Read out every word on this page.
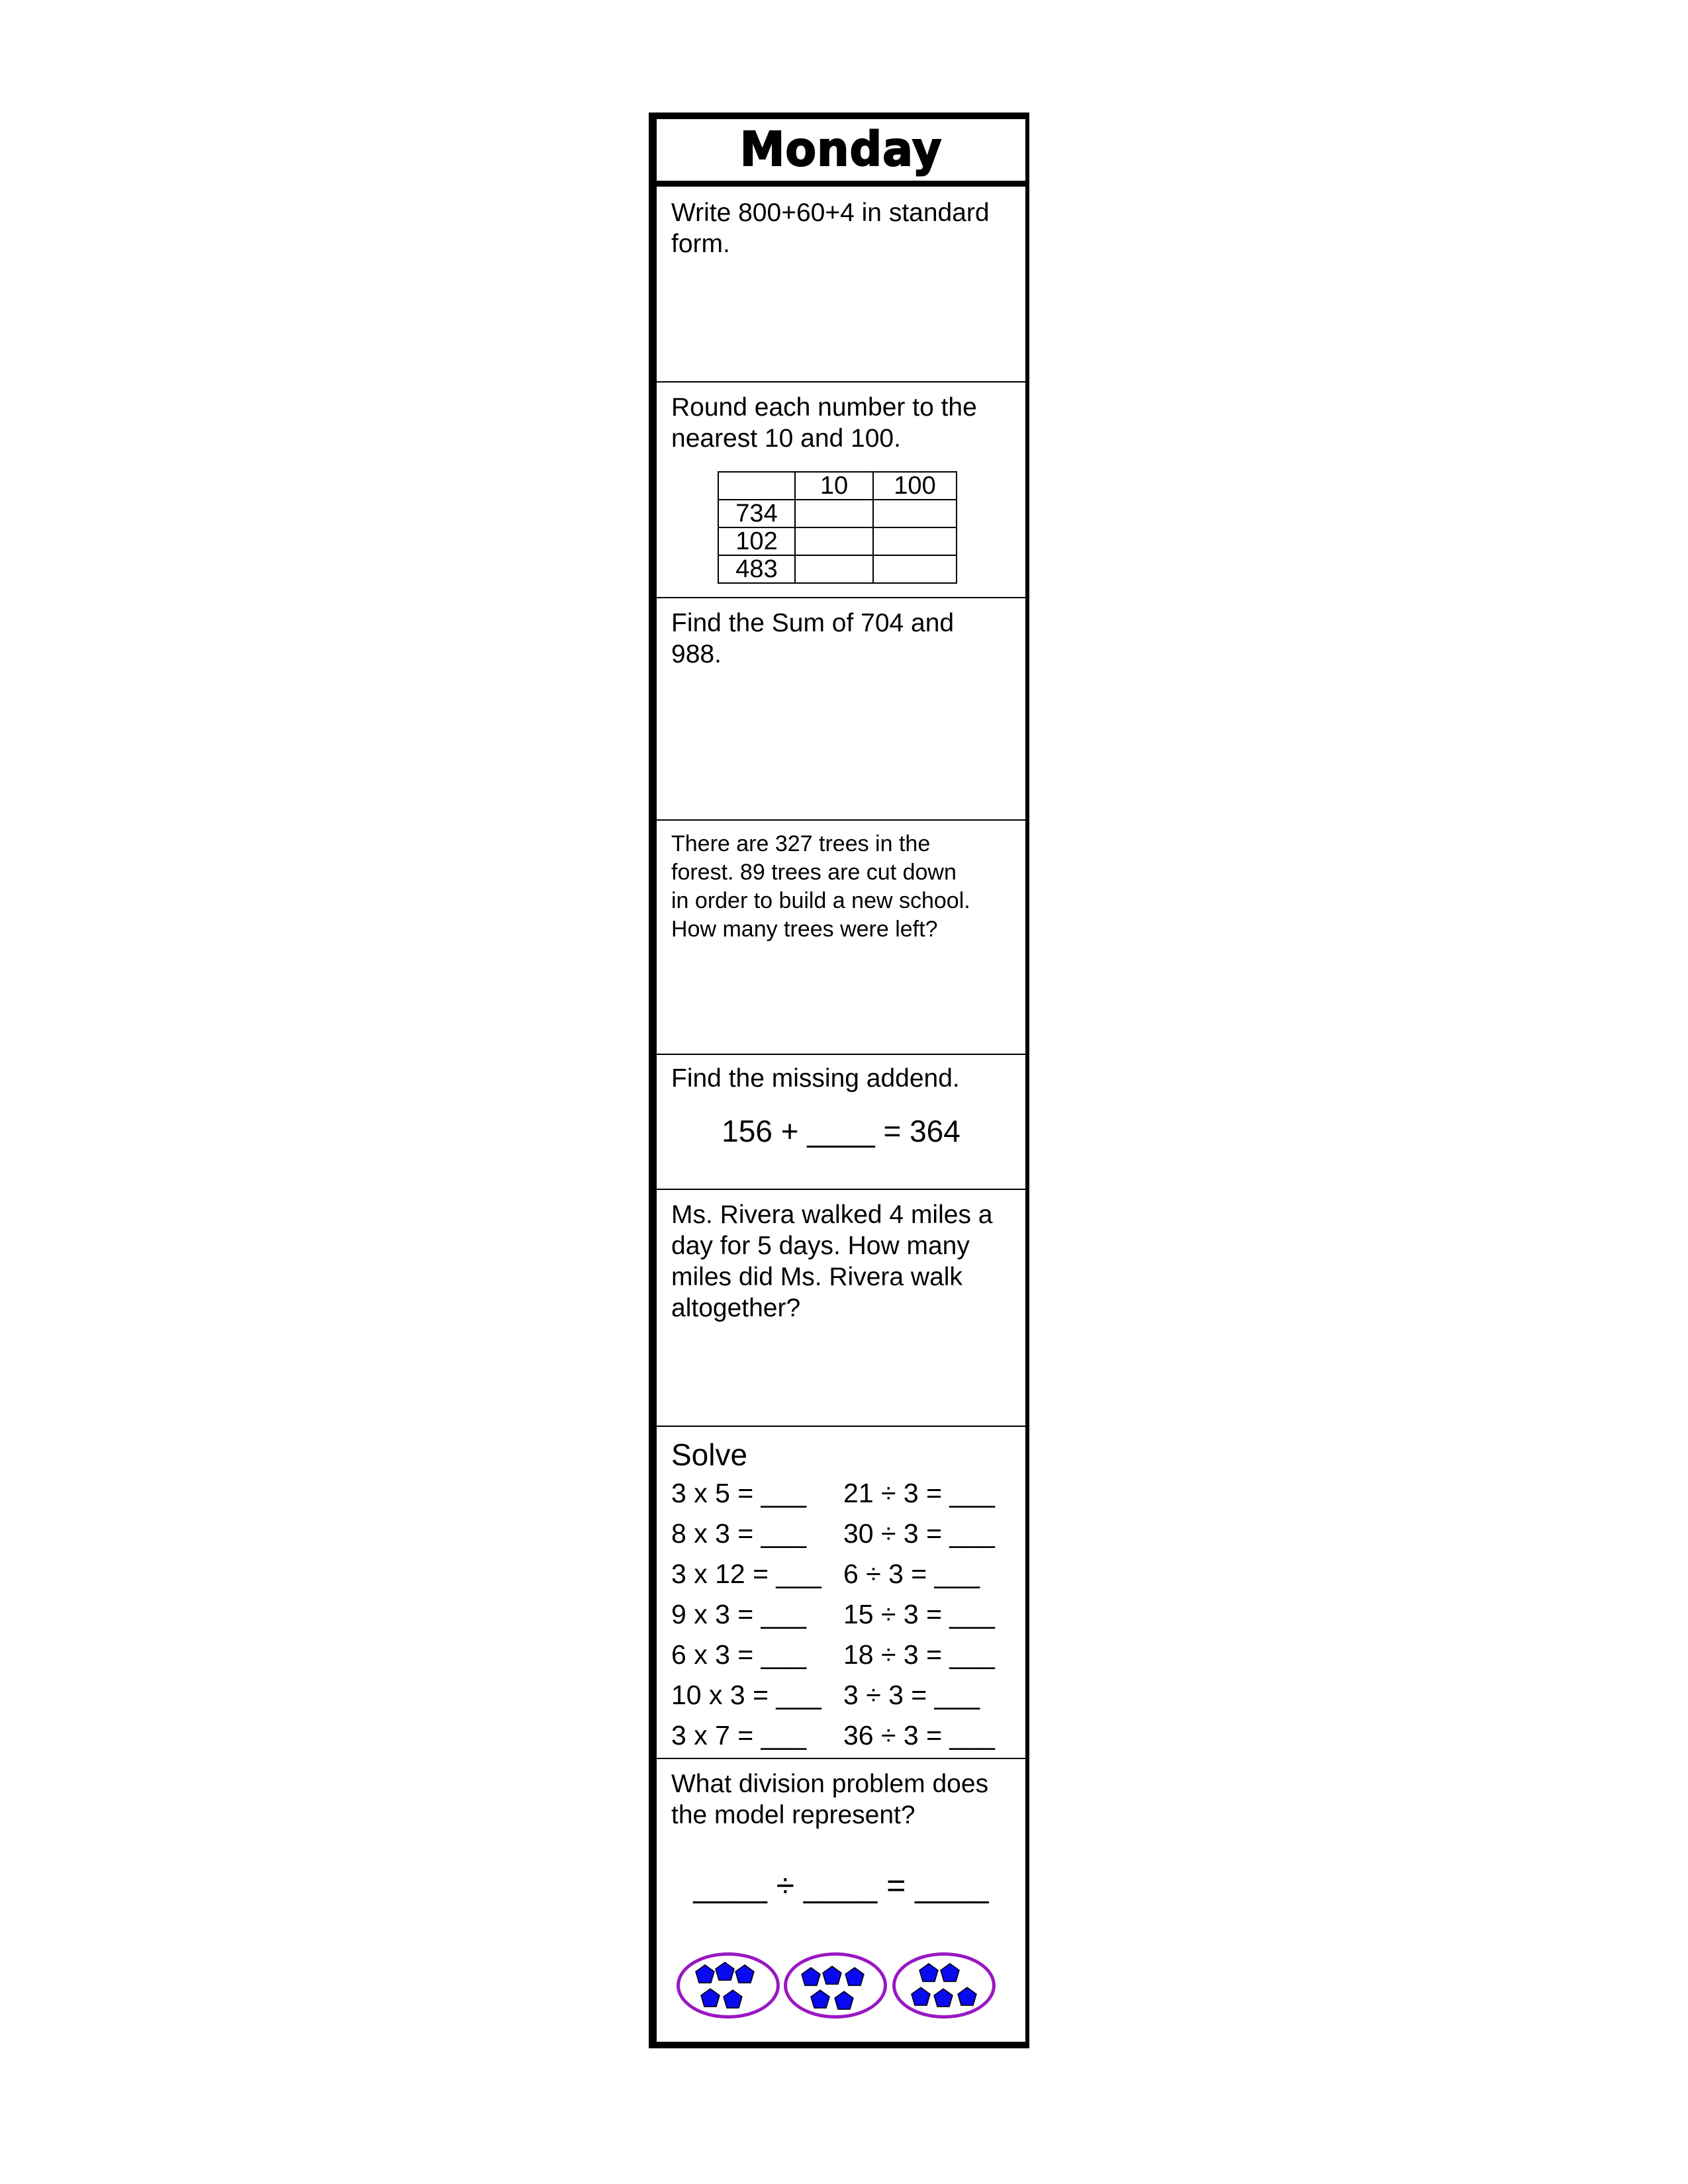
Monday
Write 800+60+4 in standard
form.
Round each number to the
nearest 10 and 100.
	10	100
734		
102		
483		
Find the Sum of 704 and
988.
There are 327 trees in the
forest. 89 trees are cut down
in order to build a new school.
How many trees were left?
Find the missing addend.
156 + ____ = 364
Ms. Rivera walked 4 miles a
day for 5 days. How many
miles did Ms. Rivera walk
altogether?
Solve
3 x 5 = ___ 21 ÷ 3 = ___
8 x 3 = ___ 30 ÷ 3 = ___
3 x 12 = ___ 6 ÷ 3 = ___
9 x 3 = ___ 15 ÷ 3 = ___
6 x 3 = ___ 18 ÷ 3 = ___
10 x 3 = ___ 3 ÷ 3 = ___
3 x 7 = ___ 36 ÷ 3 = ___
What division problem does
the model represent?
____ ÷ ____ = ____
